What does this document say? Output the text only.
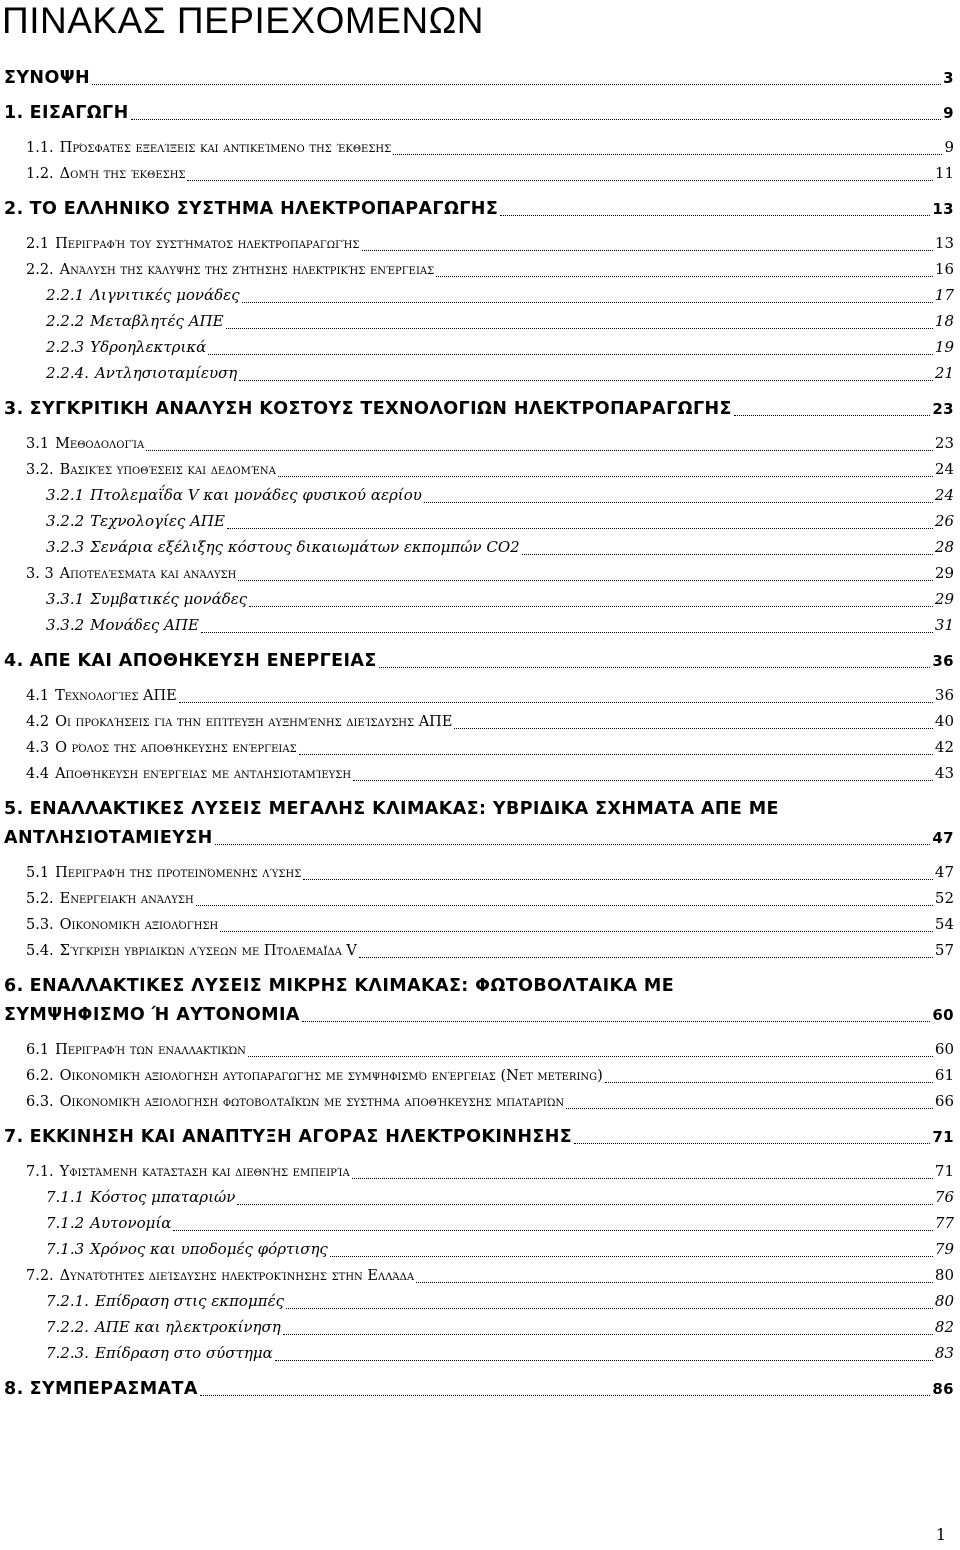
ΠΙΝΑΚΑΣ ΠΕΡΙΕΧΟΜΕΝΩΝ
ΣΥΝΟΨΗ	3
1. ΕΙΣΑΓΩΓΗ	9
1.1. Πρόσφατες εξελίξεις και αντικείμενο της έκθεσης	9
1.2. Δομή της έκθεσης	11
2. ΤΟ ΕΛΛΗΝΙΚΟ ΣΥΣΤΗΜΑ ΗΛΕΚΤΡΟΠΑΡΑΓΩΓΗΣ	13
2.1 Περιγραφή του συστήματος ηλεκτροπαραγωγής	13
2.2. Ανάλυση της κάλυψης της ζήτησης ηλεκτρικής ενέργειας	16
2.2.1 Λιγνιτικές μονάδες	17
2.2.2 Μεταβλητές ΑΠΕ	18
2.2.3 Υδροηλεκτρικά	19
2.2.4. Αντλησιοταμίευση	21
3. ΣΥΓΚΡΙΤΙΚΗ ΑΝΑΛΥΣΗ ΚΟΣΤΟΥΣ ΤΕΧΝΟΛΟΓΙΩΝ ΗΛΕΚΤΡΟΠΑΡΑΓΩΓΗΣ	23
3.1 Μεθοδολογία	23
3.2. Βασικές υποθέσεις και δεδομένα	24
3.2.1 Πτολεμαΐδα V και μονάδες φυσικού αερίου	24
3.2.2 Τεχνολογίες ΑΠΕ	26
3.2.3 Σενάρια εξέλιξης κόστους δικαιωμάτων εκπομπών CO2	28
3. 3 Αποτελέσματα και ανάλυση	29
3.3.1 Συμβατικές μονάδες	29
3.3.2 Μονάδες ΑΠΕ	31
4. ΑΠΕ ΚΑΙ ΑΠΟΘΗΚΕΥΣΗ ΕΝΕΡΓΕΙΑΣ	36
4.1 Τεχνολογίες ΑΠΕ	36
4.2 Οι προκλήσεις για την επίτευξη αυξημένης διείσδυσης ΑΠΕ	40
4.3 Ο ρόλος της αποθήκευσης ενέργειας	42
4.4 Αποθήκευση ενέργειας με αντλησιοταμίευση	43
5. ΕΝΑΛΛΑΚΤΙΚΕΣ ΛΥΣΕΙΣ ΜΕΓΑΛΗΣ ΚΛΙΜΑΚΑΣ: ΥΒΡΙΔΙΚΑ ΣΧΗΜΑΤΑ ΑΠΕ ΜΕ
ΑΝΤΛΗΣΙΟΤΑΜΙΕΥΣΗ	47
5.1 Περιγραφή της προτεινόμενης λύσης	47
5.2. Ενεργειακή ανάλυση	52
5.3. Οικονομική αξιολόγηση	54
5.4. Σύγκριση υβριδικών λύσεων με Πτολεμαΐδα V	57
6. ΕΝΑΛΛΑΚΤΙΚΕΣ ΛΥΣΕΙΣ ΜΙΚΡΗΣ ΚΛΙΜΑΚΑΣ: ΦΩΤΟΒΟΛΤΑΙΚΑ ΜΕ
ΣΥΜΨΗΦΙΣΜΟ Ή ΑΥΤΟΝΟΜΙΑ	60
6.1 Περιγραφή των εναλλακτικών	60
6.2. Οικονομική αξιολόγηση αυτοπαραγωγής με συμψηφισμό ενέργειας (Net metering)	61
6.3. Οικονομική αξιολόγηση φωτοβολταϊκών με συστημα αποθήκευσης μπαταριών	66
7. ΕΚΚΙΝΗΣΗ ΚΑΙ ΑΝΑΠΤΥΞΗ ΑΓΟΡΑΣ ΗΛΕΚΤΡΟΚΙΝΗΣΗΣ	71
7.1. Υφιστάμενη κατάσταση και διεθνής εμπειρία	71
7.1.1 Κόστος μπαταριών	76
7.1.2 Αυτονομία	77
7.1.3 Χρόνος και υποδομές φόρτισης	79
7.2. Δυνατότητες διείσδυσης ηλεκτροκίνησης στην Ελλάδα	80
7.2.1. Επίδραση στις εκπομπές	80
7.2.2. ΑΠΕ και ηλεκτροκίνηση	82
7.2.3. Επίδραση στο σύστημα	83
8. ΣΥΜΠΕΡΑΣΜΑΤΑ	86
1
